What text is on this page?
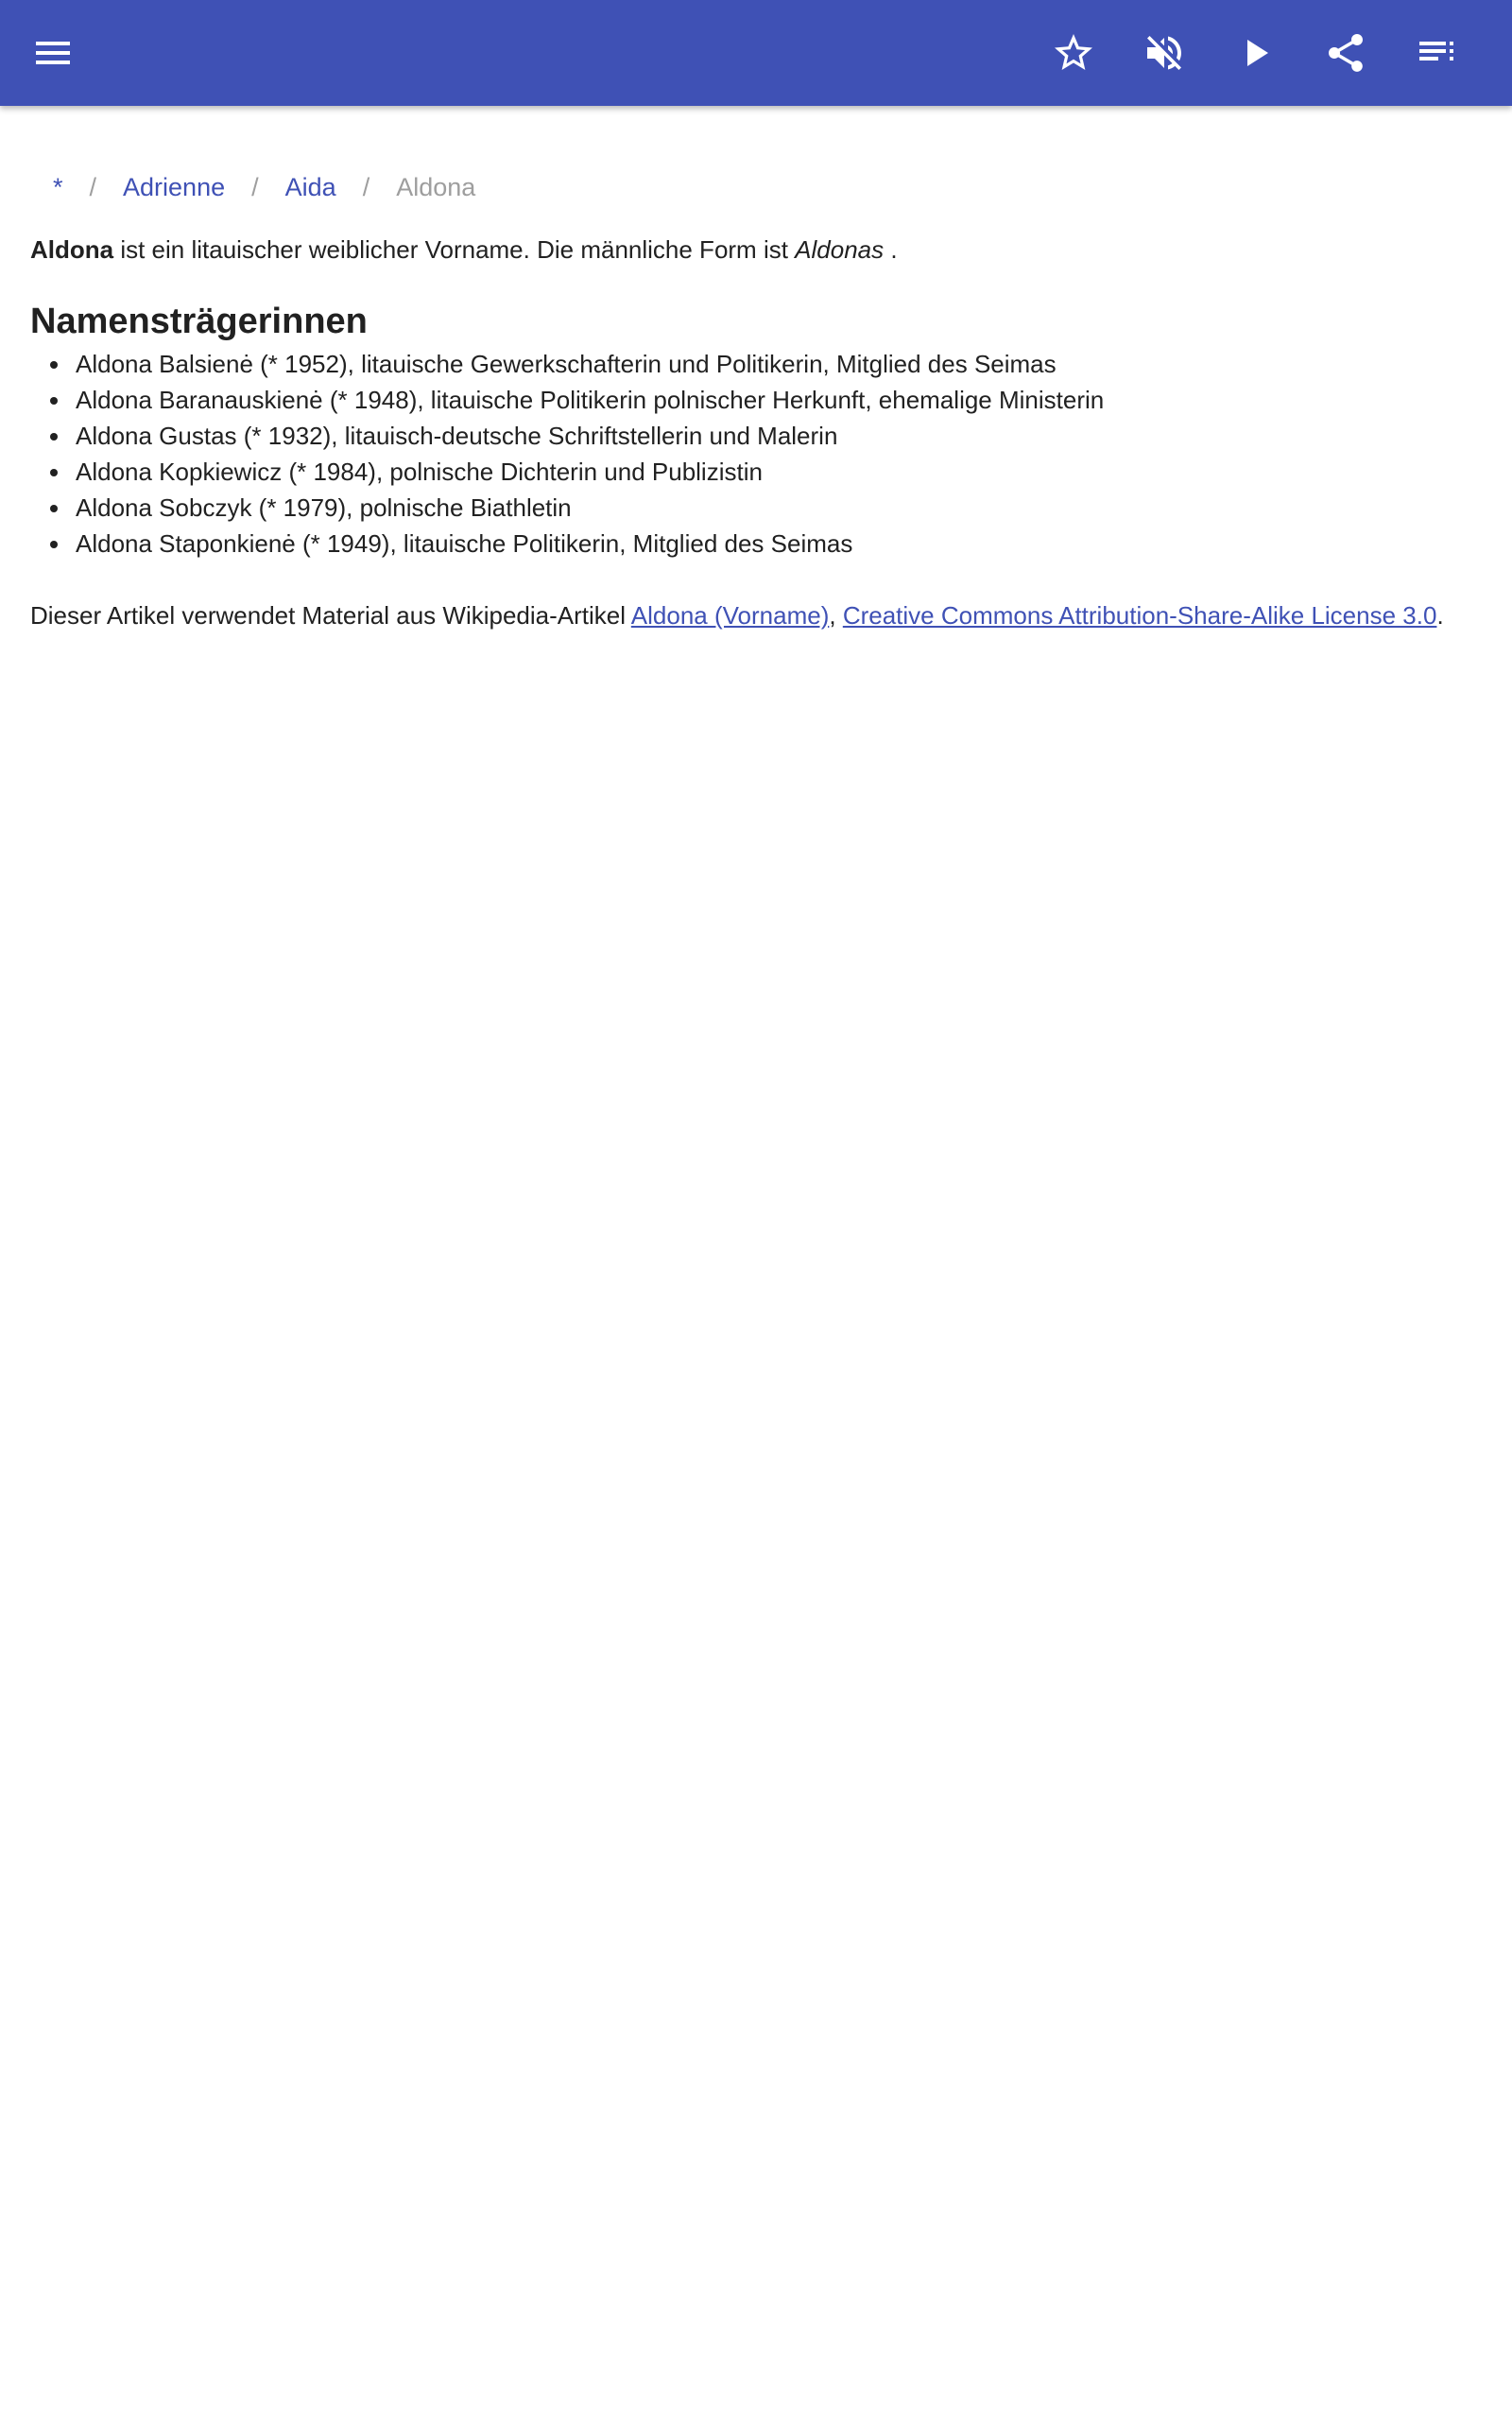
* / Adrienne / Aida / Aldona

Aldona ist ein litauischer weiblicher Vorname. Die männliche Form ist Aldonas .

Namensträgerinnen
Aldona Balsienė (* 1952), litauische Gewerkschafterin und Politikerin, Mitglied des Seimas
Aldona Baranauskienė (* 1948), litauische Politikerin polnischer Herkunft, ehemalige Ministerin
Aldona Gustas (* 1932), litauisch-deutsche Schriftstellerin und Malerin
Aldona Kopkiewicz (* 1984), polnische Dichterin und Publizistin
Aldona Sobczyk (* 1979), polnische Biathletin
Aldona Staponkienė (* 1949), litauische Politikerin, Mitglied des Seimas

Dieser Artikel verwendet Material aus Wikipedia-Artikel Aldona (Vorname), Creative Commons Attribution-Share-Alike License 3.0.
